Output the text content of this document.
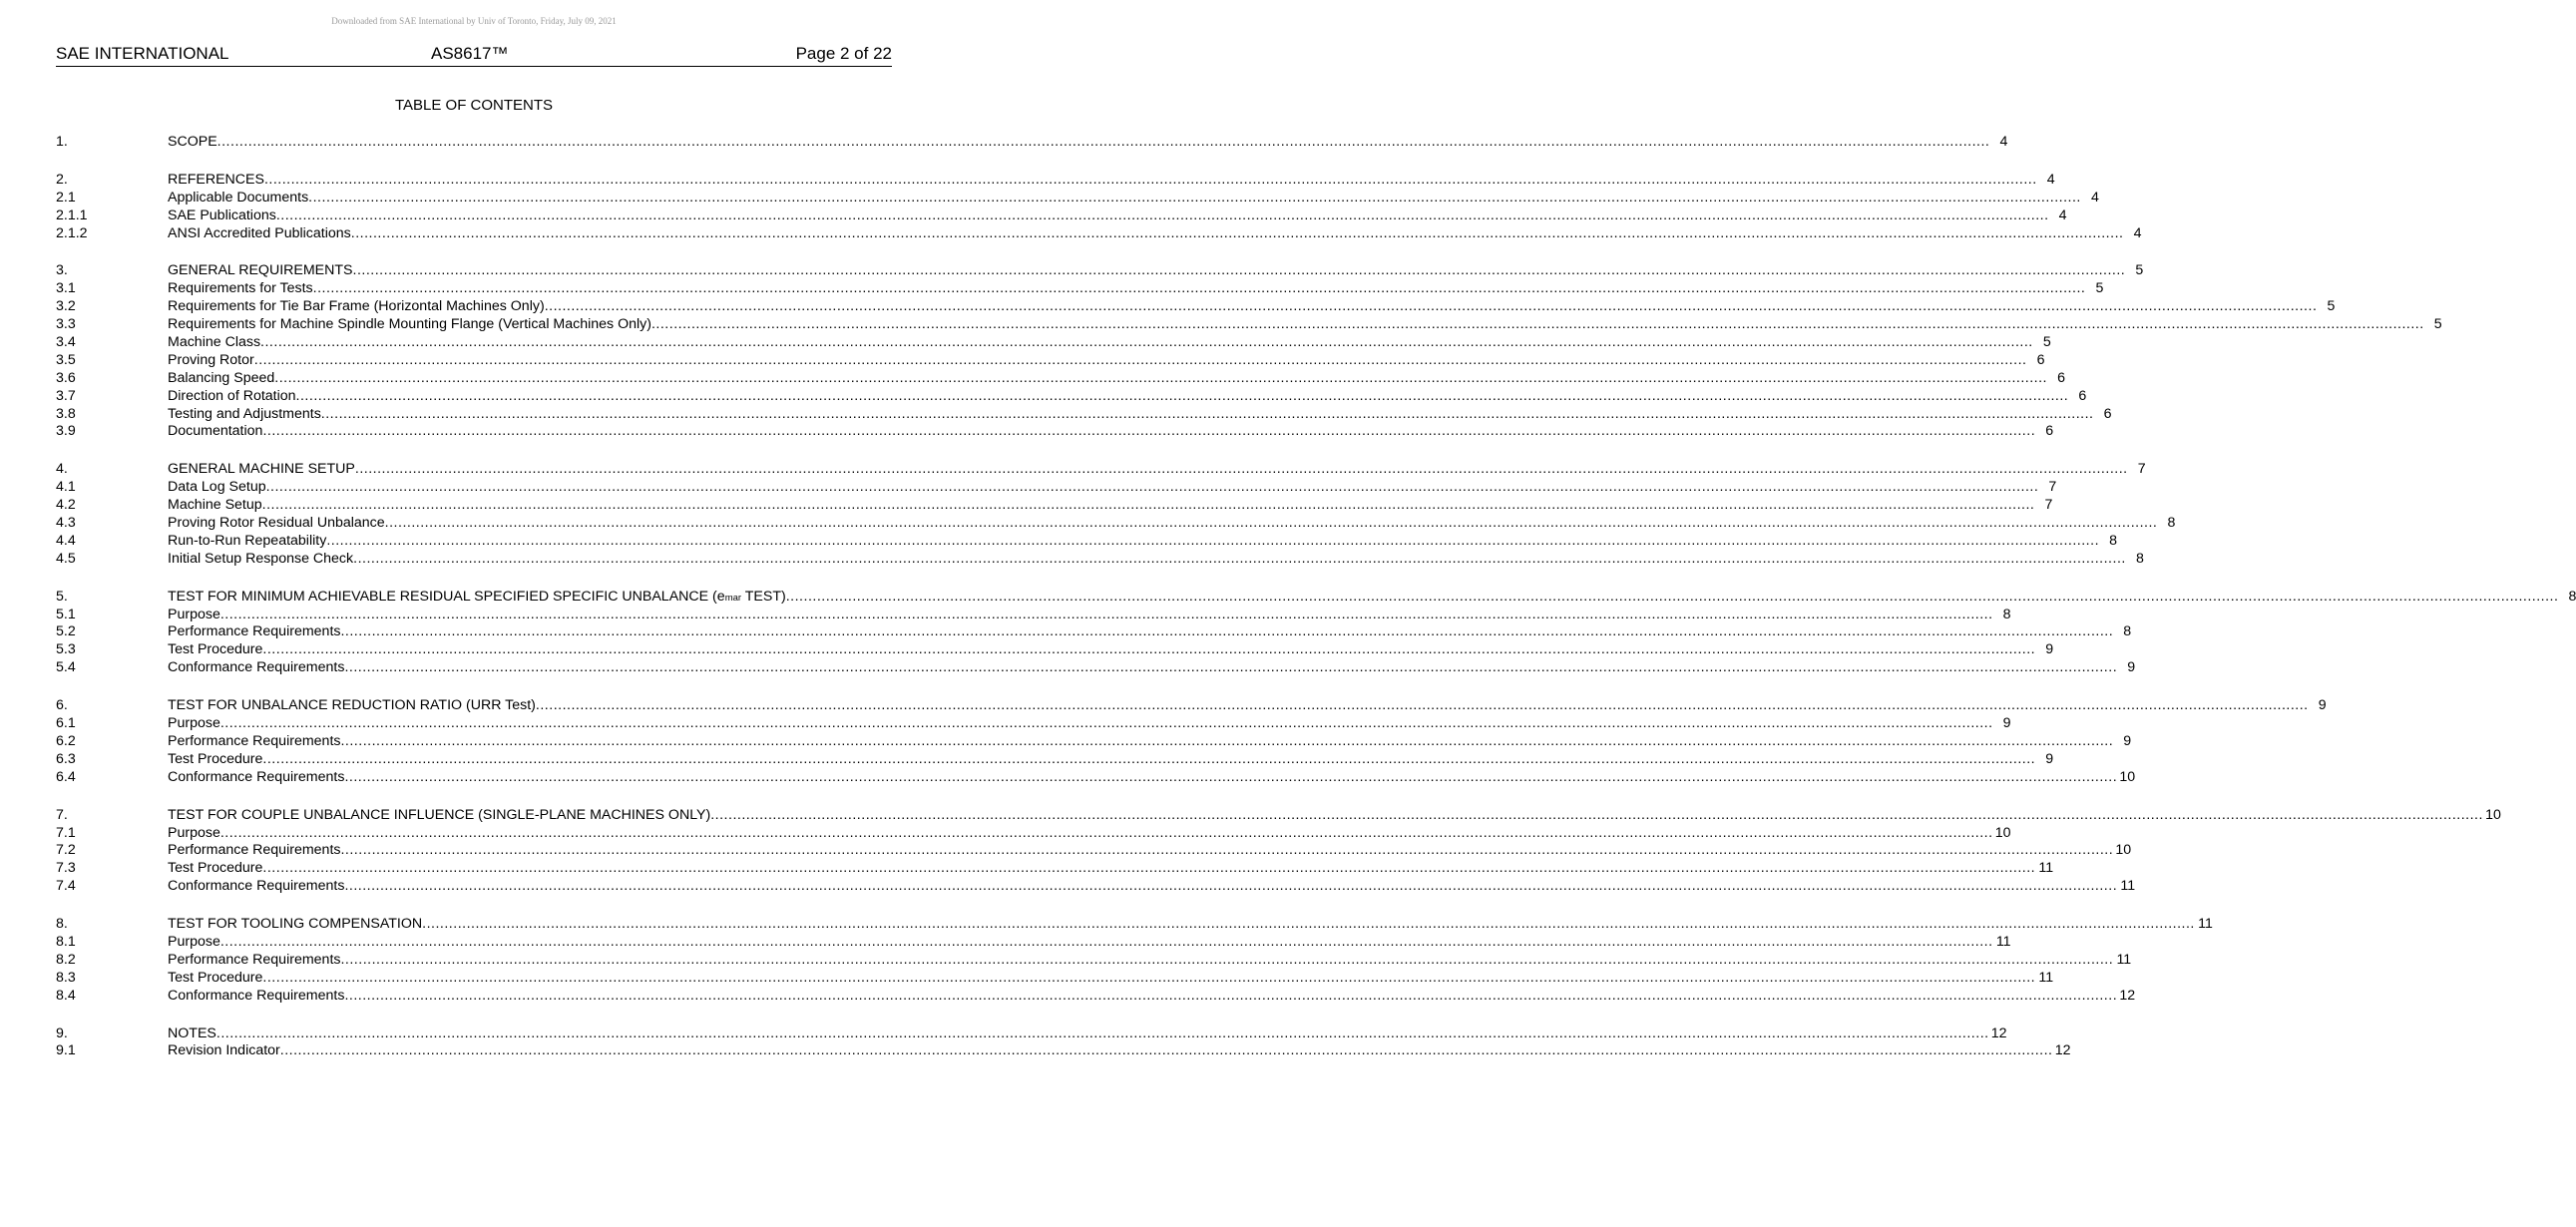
Downloaded from SAE International by Univ of Toronto, Friday, July 09, 2021
SAE INTERNATIONAL	AS8617™	Page 2 of 22
TABLE OF CONTENTS
1.	SCOPE ................................................................................................................................................................................................................................................................................................................................................................................................................ 4
2.	REFERENCES ................................................................................................................................................................................................................................................................................................................................................................................................................ 4
2.1	Applicable Documents ................................................................................................................................................................................................................................................................................................................................................................................................................ 4
2.1.1	SAE Publications ................................................................................................................................................................................................................................................................................................................................................................................................................ 4
2.1.2	ANSI Accredited Publications ................................................................................................................................................................................................................................................................................................................................................................................................................ 4
3.	GENERAL REQUIREMENTS ................................................................................................................................................................................................................................................................................................................................................................................................................ 5
3.1	Requirements for Tests ................................................................................................................................................................................................................................................................................................................................................................................................................ 5
3.2	Requirements for Tie Bar Frame (Horizontal Machines Only) ................................................................................................................................................................................................................................................................................................................................................................................................................ 5
3.3	Requirements for Machine Spindle Mounting Flange (Vertical Machines Only) ................................................................................................................................................................................................................................................................................................................................................................................................................ 5
3.4	Machine Class ................................................................................................................................................................................................................................................................................................................................................................................................................ 5
3.5	Proving Rotor ................................................................................................................................................................................................................................................................................................................................................................................................................ 6
3.6	Balancing Speed ................................................................................................................................................................................................................................................................................................................................................................................................................ 6
3.7	Direction of Rotation ................................................................................................................................................................................................................................................................................................................................................................................................................ 6
3.8	Testing and Adjustments ................................................................................................................................................................................................................................................................................................................................................................................................................ 6
3.9	Documentation ................................................................................................................................................................................................................................................................................................................................................................................................................ 6
4.	GENERAL MACHINE SETUP ................................................................................................................................................................................................................................................................................................................................................................................................................ 7
4.1	Data Log Setup ................................................................................................................................................................................................................................................................................................................................................................................................................ 7
4.2	Machine Setup ................................................................................................................................................................................................................................................................................................................................................................................................................ 7
4.3	Proving Rotor Residual Unbalance ................................................................................................................................................................................................................................................................................................................................................................................................................ 8
4.4	Run-to-Run Repeatability ................................................................................................................................................................................................................................................................................................................................................................................................................ 8
4.5	Initial Setup Response Check ................................................................................................................................................................................................................................................................................................................................................................................................................ 8
5.	TEST FOR MINIMUM ACHIEVABLE RESIDUAL SPECIFIED SPECIFIC UNBALANCE (emar TEST) ................................................................................................................................................................................................................................................................................................................................................................................................................ 8
5.1	Purpose ................................................................................................................................................................................................................................................................................................................................................................................................................ 8
5.2	Performance Requirements ................................................................................................................................................................................................................................................................................................................................................................................................................ 8
5.3	Test Procedure ................................................................................................................................................................................................................................................................................................................................................................................................................ 9
5.4	Conformance Requirements ................................................................................................................................................................................................................................................................................................................................................................................................................ 9
6.	TEST FOR UNBALANCE REDUCTION RATIO (URR Test) ................................................................................................................................................................................................................................................................................................................................................................................................................ 9
6.1	Purpose ................................................................................................................................................................................................................................................................................................................................................................................................................ 9
6.2	Performance Requirements ................................................................................................................................................................................................................................................................................................................................................................................................................ 9
6.3	Test Procedure ................................................................................................................................................................................................................................................................................................................................................................................................................ 9
6.4	Conformance Requirements ................................................................................................................................................................................................................................................................................................................................................................................................................ 10
7.	TEST FOR COUPLE UNBALANCE INFLUENCE (SINGLE-PLANE MACHINES ONLY) ................................................................................................................................................................................................................................................................................................................................................................................................................ 10
7.1	Purpose ................................................................................................................................................................................................................................................................................................................................................................................................................ 10
7.2	Performance Requirements ................................................................................................................................................................................................................................................................................................................................................................................................................ 10
7.3	Test Procedure ................................................................................................................................................................................................................................................................................................................................................................................................................ 11
7.4	Conformance Requirements ................................................................................................................................................................................................................................................................................................................................................................................................................ 11
8.	TEST FOR TOOLING COMPENSATION ................................................................................................................................................................................................................................................................................................................................................................................................................ 11
8.1	Purpose ................................................................................................................................................................................................................................................................................................................................................................................................................ 11
8.2	Performance Requirements ................................................................................................................................................................................................................................................................................................................................................................................................................ 11
8.3	Test Procedure ................................................................................................................................................................................................................................................................................................................................................................................................................ 11
8.4	Conformance Requirements ................................................................................................................................................................................................................................................................................................................................................................................................................ 12
9.	NOTES ................................................................................................................................................................................................................................................................................................................................................................................................................ 12
9.1	Revision Indicator ................................................................................................................................................................................................................................................................................................................................................................................................................ 12
